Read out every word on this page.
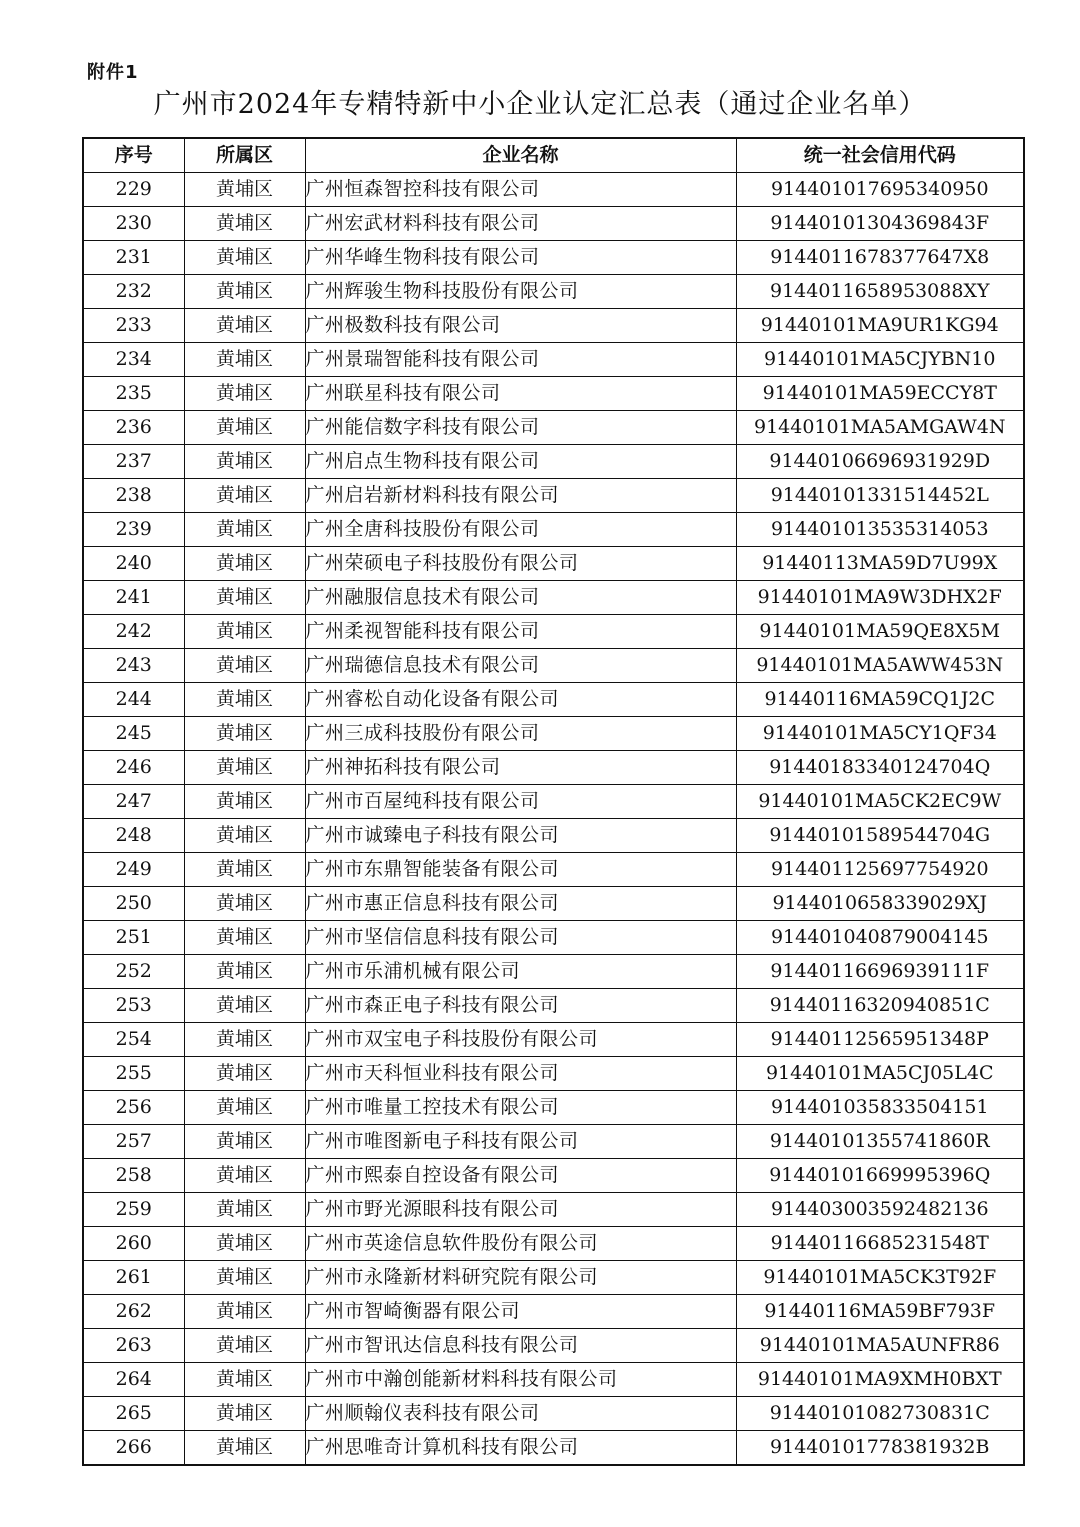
附件1
广州市2024年专精特新中小企业认定汇总表（通过企业名单）
序号	所属区	企业名称	统一社会信用代码
229	黄埔区	广州恒森智控科技有限公司	914401017695340950
230	黄埔区	广州宏武材料科技有限公司	91440101304369843F
231	黄埔区	广州华峰生物科技有限公司	9144011678377647X8
232	黄埔区	广州辉骏生物科技股份有限公司	9144011658953088XY
233	黄埔区	广州极数科技有限公司	91440101MA9UR1KG94
234	黄埔区	广州景瑞智能科技有限公司	91440101MA5CJYBN10
235	黄埔区	广州联星科技有限公司	91440101MA59ECCY8T
236	黄埔区	广州能信数字科技有限公司	91440101MA5AMGAW4N
237	黄埔区	广州启点生物科技有限公司	91440106696931929D
238	黄埔区	广州启岩新材料科技有限公司	91440101331514452L
239	黄埔区	广州全唐科技股份有限公司	914401013535314053
240	黄埔区	广州荣硕电子科技股份有限公司	91440113MA59D7U99X
241	黄埔区	广州融服信息技术有限公司	91440101MA9W3DHX2F
242	黄埔区	广州柔视智能科技有限公司	91440101MA59QE8X5M
243	黄埔区	广州瑞德信息技术有限公司	91440101MA5AWW453N
244	黄埔区	广州睿松自动化设备有限公司	91440116MA59CQ1J2C
245	黄埔区	广州三成科技股份有限公司	91440101MA5CY1QF34
246	黄埔区	广州神拓科技有限公司	91440183340124704Q
247	黄埔区	广州市百屋纯科技有限公司	91440101MA5CK2EC9W
248	黄埔区	广州市诚臻电子科技有限公司	91440101589544704G
249	黄埔区	广州市东鼎智能装备有限公司	914401125697754920
250	黄埔区	广州市惠正信息科技有限公司	9144010658339029XJ
251	黄埔区	广州市坚信信息科技有限公司	914401040879004145
252	黄埔区	广州市乐浦机械有限公司	91440116696939111F
253	黄埔区	广州市森正电子科技有限公司	91440116320940851C
254	黄埔区	广州市双宝电子科技股份有限公司	91440112565951348P
255	黄埔区	广州市天科恒业科技有限公司	91440101MA5CJ05L4C
256	黄埔区	广州市唯量工控技术有限公司	914401035833504151
257	黄埔区	广州市唯图新电子科技有限公司	91440101355741860R
258	黄埔区	广州市熙泰自控设备有限公司	91440101669995396Q
259	黄埔区	广州市野光源眼科技有限公司	914403003592482136
260	黄埔区	广州市英途信息软件股份有限公司	91440116685231548T
261	黄埔区	广州市永隆新材料研究院有限公司	91440101MA5CK3T92F
262	黄埔区	广州市智崎衡器有限公司	91440116MA59BF793F
263	黄埔区	广州市智讯达信息科技有限公司	91440101MA5AUNFR86
264	黄埔区	广州市中瀚创能新材料科技有限公司	91440101MA9XMH0BXT
265	黄埔区	广州顺翰仪表科技有限公司	91440101082730831C
266	黄埔区	广州思唯奇计算机科技有限公司	91440101778381932B
